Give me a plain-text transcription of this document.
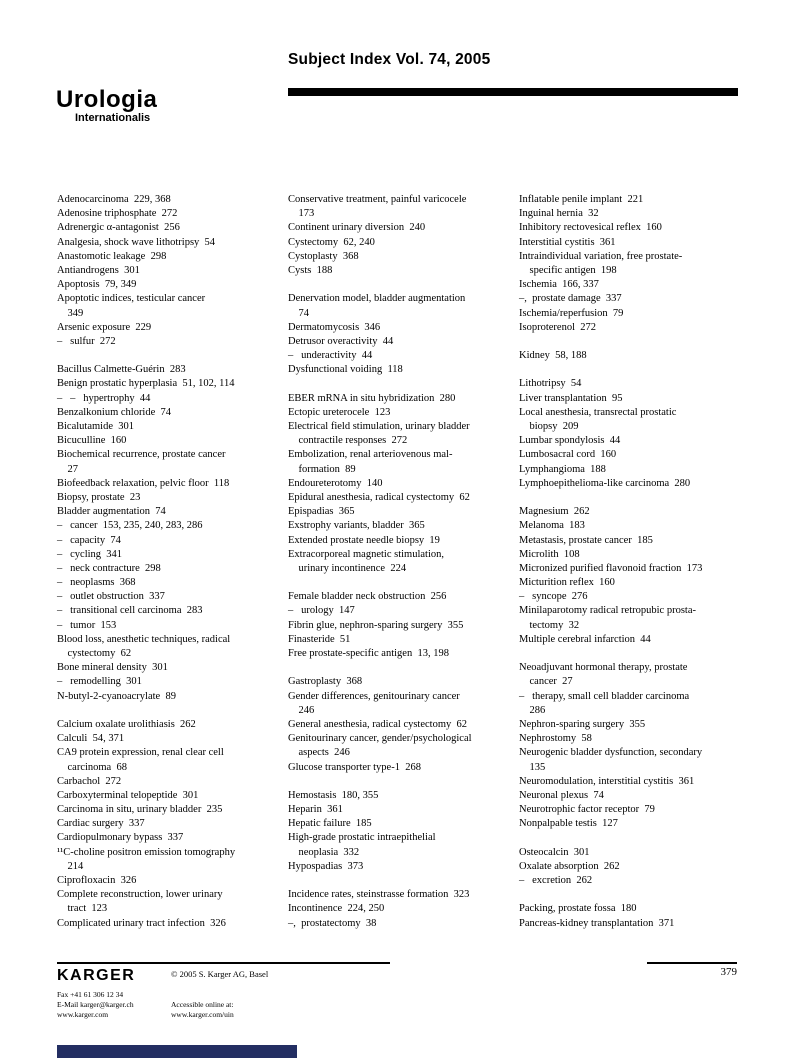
Urologia
Internationalis
Subject Index Vol. 74, 2005
Adenocarcinoma  229, 368
Adenosine triphosphate  272
Adrenergic α-antagonist  256
Analgesia, shock wave lithotripsy  54
Anastomotic leakage  298
Antiandrogens  301
Apoptosis  79, 349
Apoptotic indices, testicular cancer
349
Arsenic exposure  229
–   sulfur  272

Bacillus Calmette-Guérin  283
Benign prostatic hyperplasia  51, 102, 114
–   –   hypertrophy  44
Benzalkonium chloride  74
Bicalutamide  301
Bicuculline  160
Biochemical recurrence, prostate cancer
27
Biofeedback relaxation, pelvic floor  118
Biopsy, prostate  23
Bladder augmentation  74
–   cancer  153, 235, 240, 283, 286
–   capacity  74
–   cycling  341
–   neck contracture  298
–   neoplasms  368
–   outlet obstruction  337
–   transitional cell carcinoma  283
–   tumor  153
Blood loss, anesthetic techniques, radical
cystectomy  62
Bone mineral density  301
–   remodelling  301
N-butyl-2-cyanoacrylate  89

Calcium oxalate urolithiasis  262
Calculi  54, 371
CA9 protein expression, renal clear cell
carcinoma  68
Carbachol  272
Carboxyterminal telopeptide  301
Carcinoma in situ, urinary bladder  235
Cardiac surgery  337
Cardiopulmonary bypass  337
¹¹C-choline positron emission tomography
214
Ciprofloxacin  326
Complete reconstruction, lower urinary
tract  123
Complicated urinary tract infection  326
Conservative treatment, painful varicocele
173
Continent urinary diversion  240
Cystectomy  62, 240
Cystoplasty  368
Cysts  188

Denervation model, bladder augmentation
74
Dermatomycosis  346
Detrusor overactivity  44
–   underactivity  44
Dysfunctional voiding  118

EBER mRNA in situ hybridization  280
Ectopic ureterocele  123
Electrical field stimulation, urinary bladder
contractile responses  272
Embolization, renal arteriovenous mal-
formation  89
Endoureterotomy  140
Epidural anesthesia, radical cystectomy  62
Epispadias  365
Exstrophy variants, bladder  365
Extended prostate needle biopsy  19
Extracorporeal magnetic stimulation,
urinary incontinence  224

Female bladder neck obstruction  256
–   urology  147
Fibrin glue, nephron-sparing surgery  355
Finasteride  51
Free prostate-specific antigen  13, 198

Gastroplasty  368
Gender differences, genitourinary cancer
246
General anesthesia, radical cystectomy  62
Genitourinary cancer, gender/psychological
aspects  246
Glucose transporter type-1  268

Hemostasis  180, 355
Heparin  361
Hepatic failure  185
High-grade prostatic intraepithelial
neoplasia  332
Hypospadias  373

Incidence rates, steinstrasse formation  323
Incontinence  224, 250
–,  prostatectomy  38
Inflatable penile implant  221
Inguinal hernia  32
Inhibitory rectovesical reflex  160
Interstitial cystitis  361
Intraindividual variation, free prostate-
specific antigen  198
Ischemia  166, 337
–,  prostate damage  337
Ischemia/reperfusion  79
Isoproterenol  272

Kidney  58, 188

Lithotripsy  54
Liver transplantation  95
Local anesthesia, transrectal prostatic
biopsy  209
Lumbar spondylosis  44
Lumbosacral cord  160
Lymphangioma  188
Lymphoepithelioma-like carcinoma  280

Magnesium  262
Melanoma  183
Metastasis, prostate cancer  185
Microlith  108
Micronized purified flavonoid fraction  173
Micturition reflex  160
–   syncope  276
Minilaparotomy radical retropubic prosta-
tectomy  32
Multiple cerebral infarction  44

Neoadjuvant hormonal therapy, prostate
cancer  27
–   therapy, small cell bladder carcinoma
286
Nephron-sparing surgery  355
Nephrostomy  58
Neurogenic bladder dysfunction, secondary
135
Neuromodulation, interstitial cystitis  361
Neuronal plexus  74
Neurotrophic factor receptor  79
Nonpalpable testis  127

Osteocalcin  301
Oxalate absorption  262
–   excretion  262

Packing, prostate fossa  180
Pancreas-kidney transplantation  371
KARGER	© 2005 S. Karger AG, Basel	379
Fax +41 61 306 12 34
E-Mail karger@karger.ch
www.karger.com
Accessible online at:
www.karger.com/uin
